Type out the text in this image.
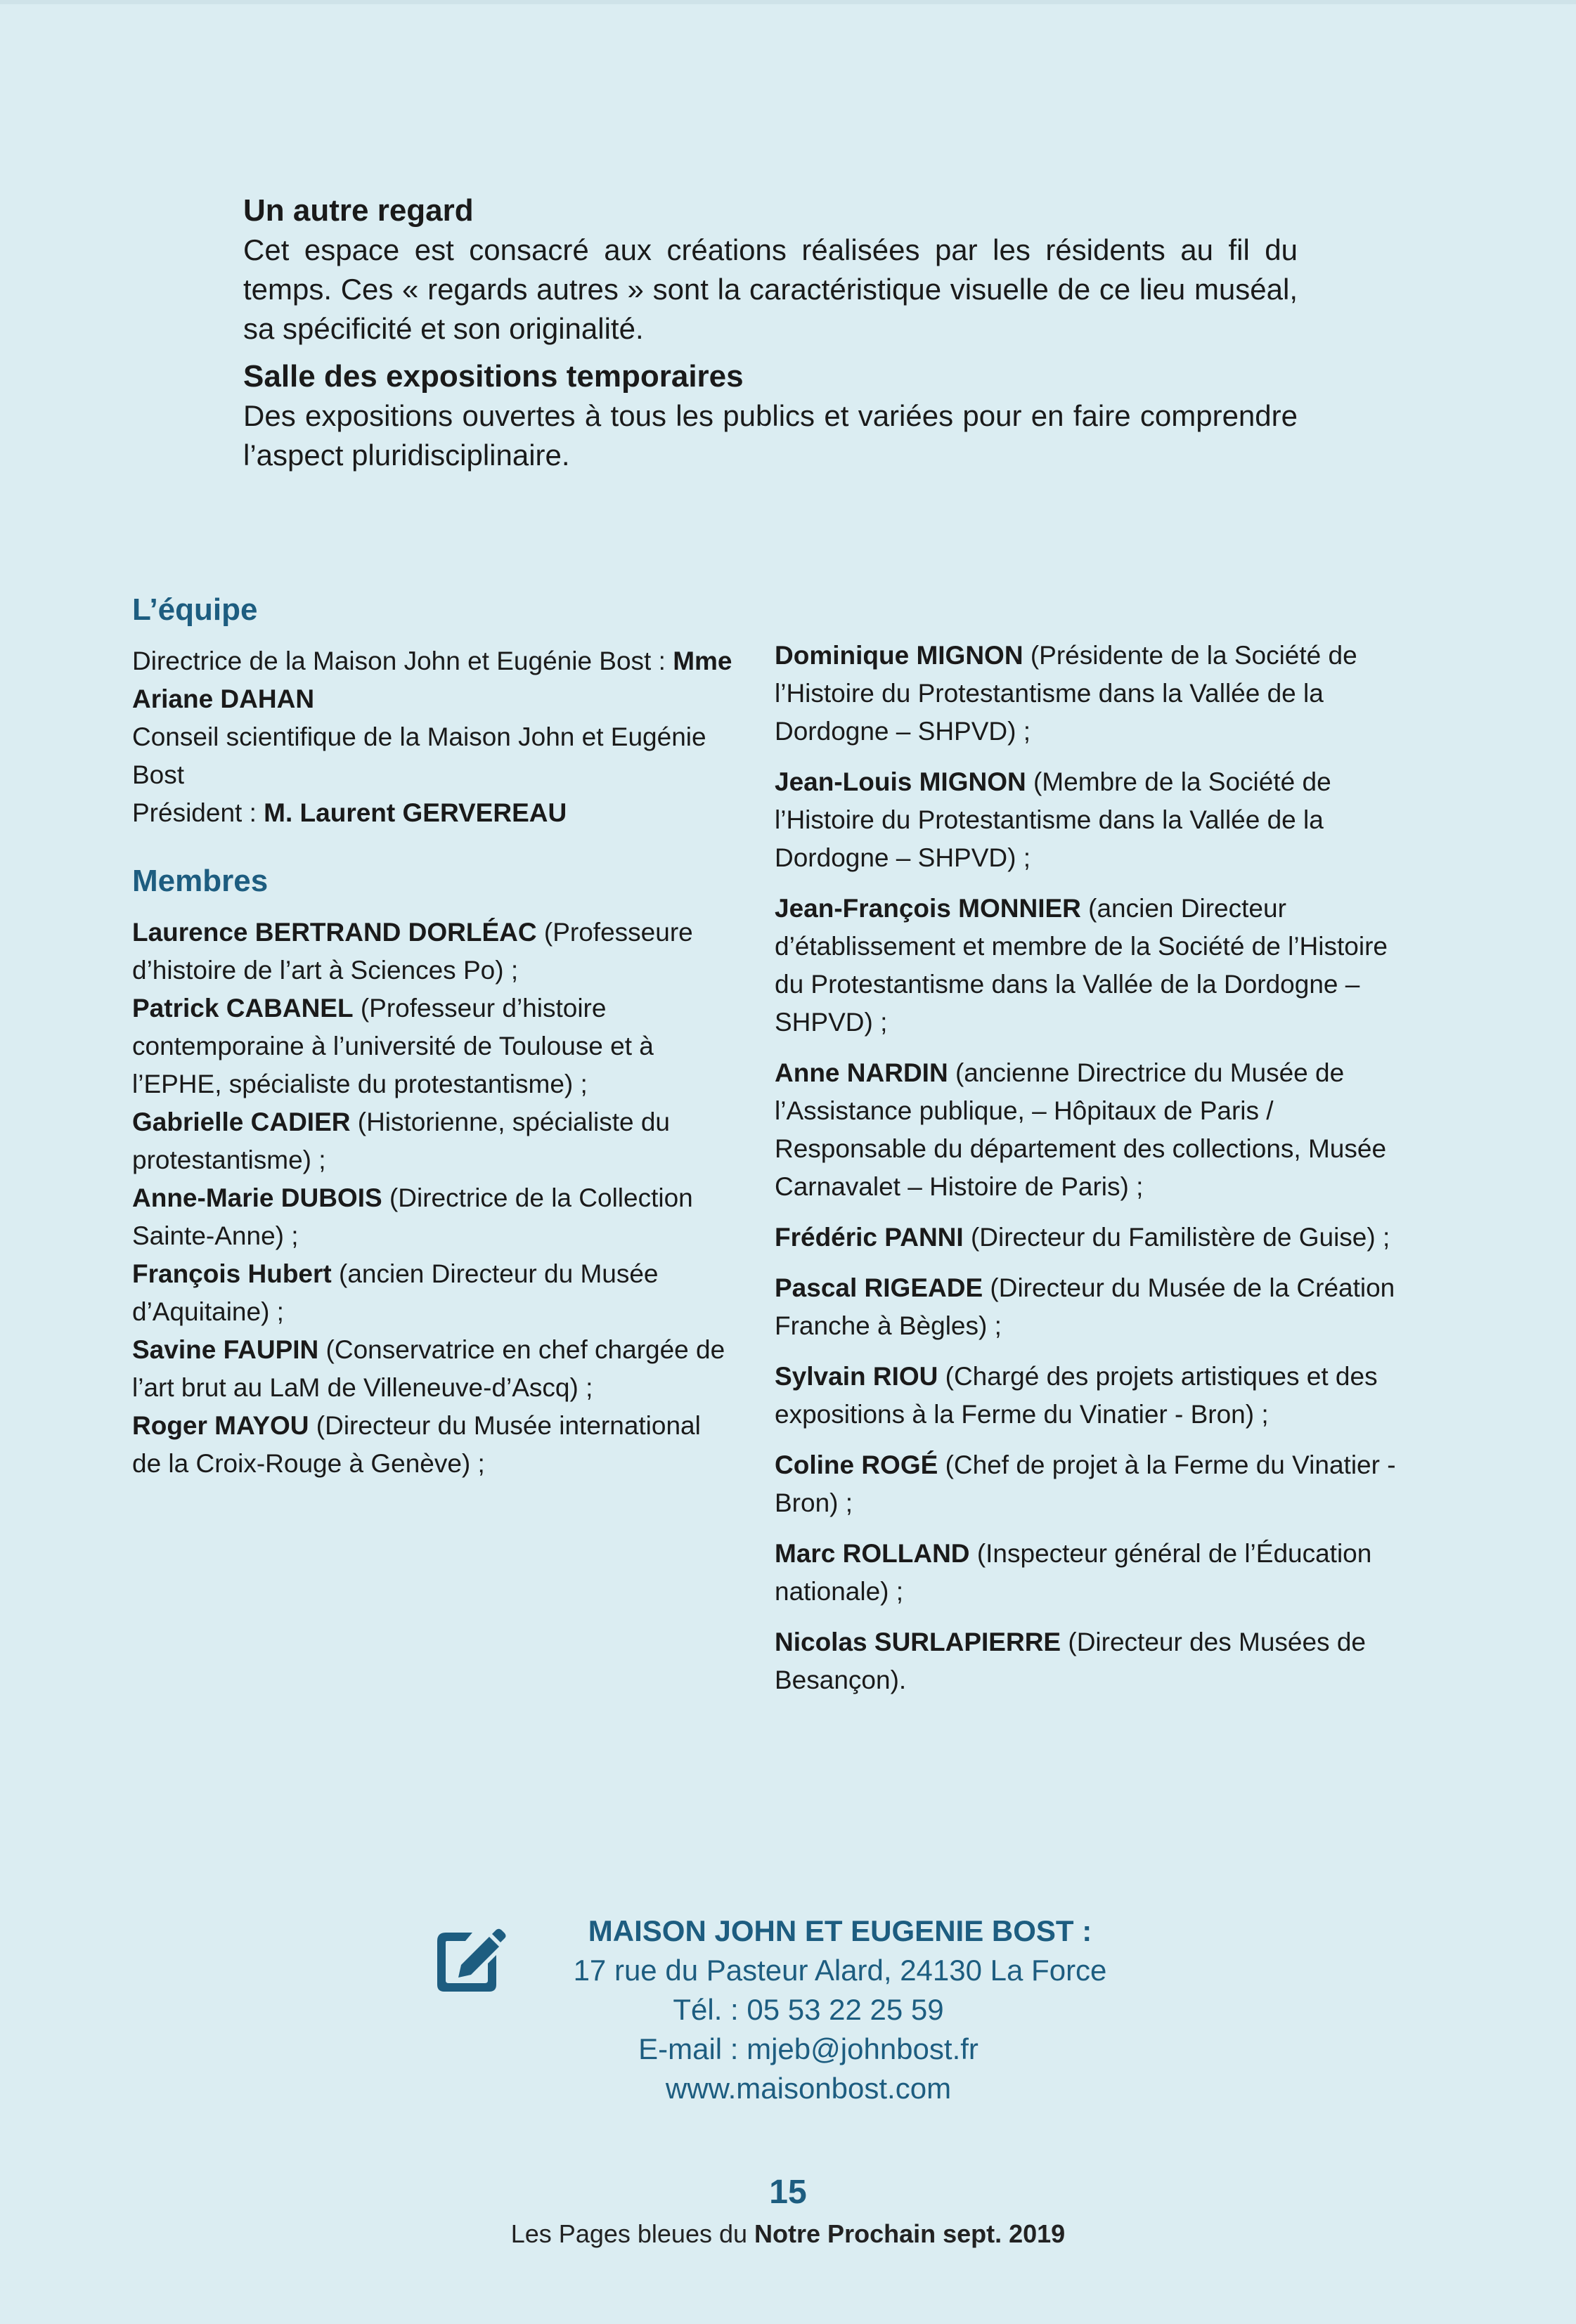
Un autre regard

Cet espace est consacré aux créations réalisées par les résidents au fil du temps. Ces « regards autres » sont la caractéristique visuelle de ce lieu muséal, sa spécificité et son originalité.

Salle des expositions temporaires

Des expositions ouvertes à tous les publics et variées pour en faire comprendre l’aspect pluridisciplinaire.

L’équipe

Directrice de la Maison John et Eugénie Bost : Mme Ariane DAHAN

Conseil scientifique de la Maison John et Eugénie Bost

Président : M. Laurent GERVEREAU

Membres

Laurence BERTRAND DORLÉAC (Professeure d’histoire de l’art à Sciences Po) ;

Patrick CABANEL (Professeur d’histoire contemporaine à l’université de Toulouse et à l’EPHE, spécialiste du protestantisme) ;

Gabrielle CADIER (Historienne, spécialiste du protestantisme) ;

Anne-Marie DUBOIS (Directrice de la Collection Sainte-Anne) ;

François Hubert (ancien Directeur du Musée d’Aquitaine) ;

Savine FAUPIN (Conservatrice en chef chargée de l’art brut au LaM de Villeneuve-d’Ascq) ;

Roger MAYOU (Directeur du Musée international de la Croix-Rouge à Genève) ;

Dominique MIGNON (Présidente de la Société de l’Histoire du Protestantisme dans la Vallée de la Dordogne – SHPVD) ;

Jean-Louis MIGNON (Membre de la Société de l’Histoire du Protestantisme dans la Vallée de la Dordogne – SHPVD) ;

Jean-François MONNIER (ancien Directeur d’établissement et membre de la Société de l’Histoire du Protestantisme dans la Vallée de la Dordogne – SHPVD) ;

Anne NARDIN (ancienne Directrice du Musée de l’Assistance publique, – Hôpitaux de Paris / Responsable du département des collections, Musée Carnavalet – Histoire de Paris) ;

Frédéric PANNI (Directeur du Familistère de Guise) ;

Pascal RIGEADE (Directeur du Musée de la Création Franche à Bègles) ;

Sylvain RIOU (Chargé des projets artistiques et des expositions à la Ferme du Vinatier - Bron) ;

Coline ROGÉ (Chef de projet à la Ferme du Vinatier - Bron) ;

Marc ROLLAND (Inspecteur général de l’Éducation nationale) ;

Nicolas SURLAPIERRE (Directeur des Musées de Besançon).

MAISON JOHN ET EUGENIE BOST :
17 rue du Pasteur Alard, 24130 La Force
Tél. : 05 53 22 25 59
E-mail : mjeb@johnbost.fr
www.maisonbost.com
15
Les Pages bleues du Notre Prochain sept. 2019
